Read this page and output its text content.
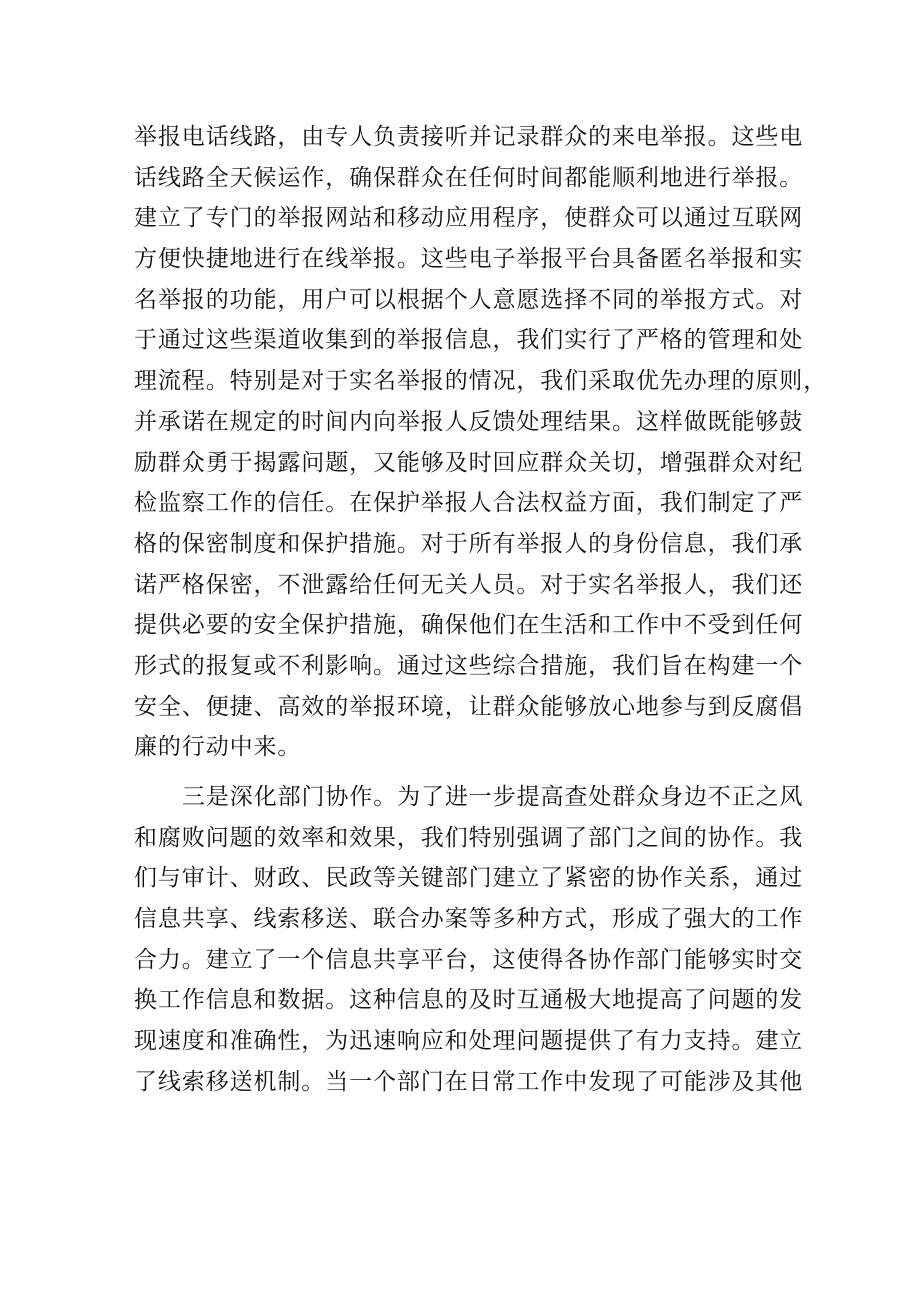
举报电话线路，由专人负责接听并记录群众的来电举报。这些电
话线路全天候运作，确保群众在任何时间都能顺利地进行举报。
建立了专门的举报网站和移动应用程序，使群众可以通过互联网
方便快捷地进行在线举报。这些电子举报平台具备匿名举报和实
名举报的功能，用户可以根据个人意愿选择不同的举报方式。对
于通过这些渠道收集到的举报信息，我们实行了严格的管理和处
理流程。特别是对于实名举报的情况，我们采取优先办理的原则，
并承诺在规定的时间内向举报人反馈处理结果。这样做既能够鼓
励群众勇于揭露问题，又能够及时回应群众关切，增强群众对纪
检监察工作的信任。在保护举报人合法权益方面，我们制定了严
格的保密制度和保护措施。对于所有举报人的身份信息，我们承
诺严格保密，不泄露给任何无关人员。对于实名举报人，我们还
提供必要的安全保护措施，确保他们在生活和工作中不受到任何
形式的报复或不利影响。通过这些综合措施，我们旨在构建一个
安全、便捷、高效的举报环境，让群众能够放心地参与到反腐倡
廉的行动中来。
三是深化部门协作。为了进一步提高查处群众身边不正之风
和腐败问题的效率和效果，我们特别强调了部门之间的协作。我
们与审计、财政、民政等关键部门建立了紧密的协作关系，通过
信息共享、线索移送、联合办案等多种方式，形成了强大的工作
合力。建立了一个信息共享平台，这使得各协作部门能够实时交
换工作信息和数据。这种信息的及时互通极大地提高了问题的发
现速度和准确性，为迅速响应和处理问题提供了有力支持。建立
了线索移送机制。当一个部门在日常工作中发现了可能涉及其他
